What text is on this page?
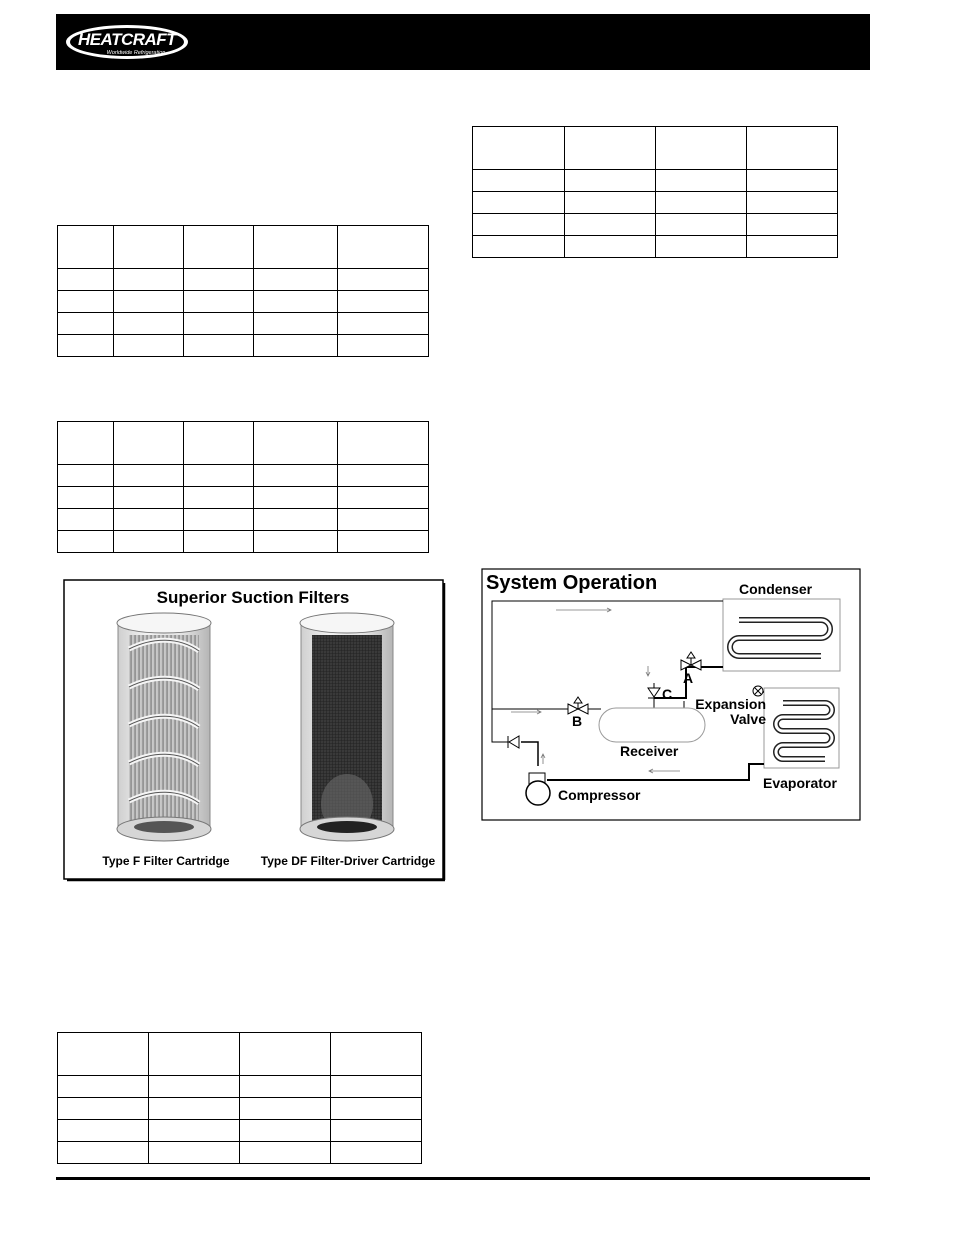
HEATCRAFT
Worldwide Refrigeration

Superior Suction Filters
Type F Filter Cartridge	Type DF Filter-Driver Cartridge
System Operation	Condenser
Evaporator
Receiver
Compressor
A
B
C
Expansion
Valve
